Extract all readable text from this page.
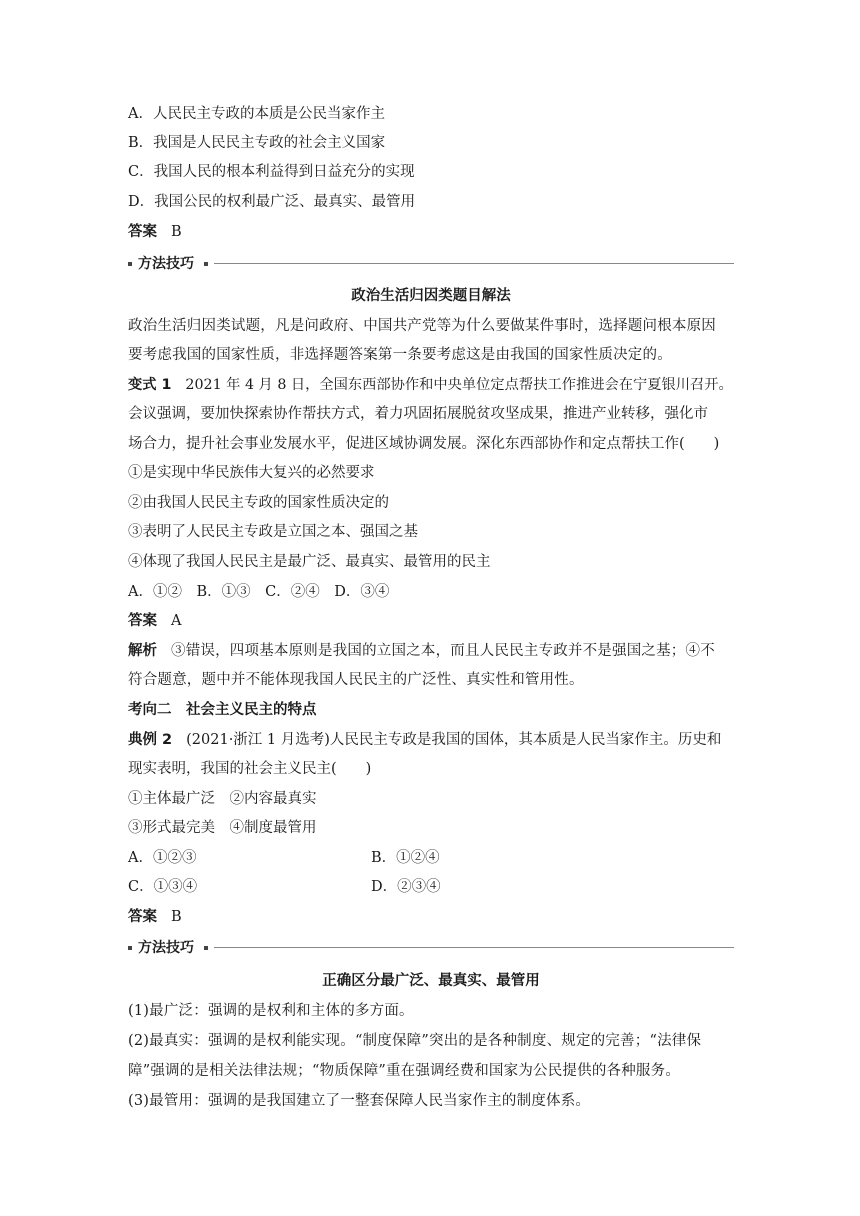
A．人民民主专政的本质是公民当家作主
B．我国是人民民主专政的社会主义国家
C．我国人民的根本利益得到日益充分的实现
D．我国公民的权利最广泛、最真实、最管用
答案 B
方法技巧
政治生活归因类题目解法
政治生活归因类试题，凡是问政府、中国共产党等为什么要做某件事时，选择题问根本原因
要考虑我国的国家性质，非选择题答案第一条要考虑这是由我国的国家性质决定的。
变式 1 2021 年 4 月 8 日，全国东西部协作和中央单位定点帮扶工作推进会在宁夏银川召开。
会议强调，要加快探索协作帮扶方式，着力巩固拓展脱贫攻坚成果，推进产业转移，强化市
场合力，提升社会事业发展水平，促进区域协调发展。深化东西部协作和定点帮扶工作(　　)
①是实现中华民族伟大复兴的必然要求
②由我国人民民主专政的国家性质决定的
③表明了人民民主专政是立国之本、强国之基
④体现了我国人民民主是最广泛、最真实、最管用的民主
A．①②　B．①③　C．②④　D．③④
答案 A
解析 ③错误，四项基本原则是我国的立国之本，而且人民民主专政并不是强国之基；④不
符合题意，题中并不能体现我国人民民主的广泛性、真实性和管用性。
考向二　社会主义民主的特点
典例 2 (2021·浙江 1 月选考)人民民主专政是我国的国体，其本质是人民当家作主。历史和
现实表明，我国的社会主义民主(　　)
①主体最广泛　②内容最真实
③形式最完美　④制度最管用
A．①②③	B．①②④
C．①③④	D．②③④
答案 B
方法技巧
正确区分最广泛、最真实、最管用
(1)最广泛：强调的是权利和主体的多方面。
(2)最真实：强调的是权利能实现。“制度保障”突出的是各种制度、规定的完善；“法律保
障”强调的是相关法律法规；“物质保障”重在强调经费和国家为公民提供的各种服务。
(3)最管用：强调的是我国建立了一整套保障人民当家作主的制度体系。
